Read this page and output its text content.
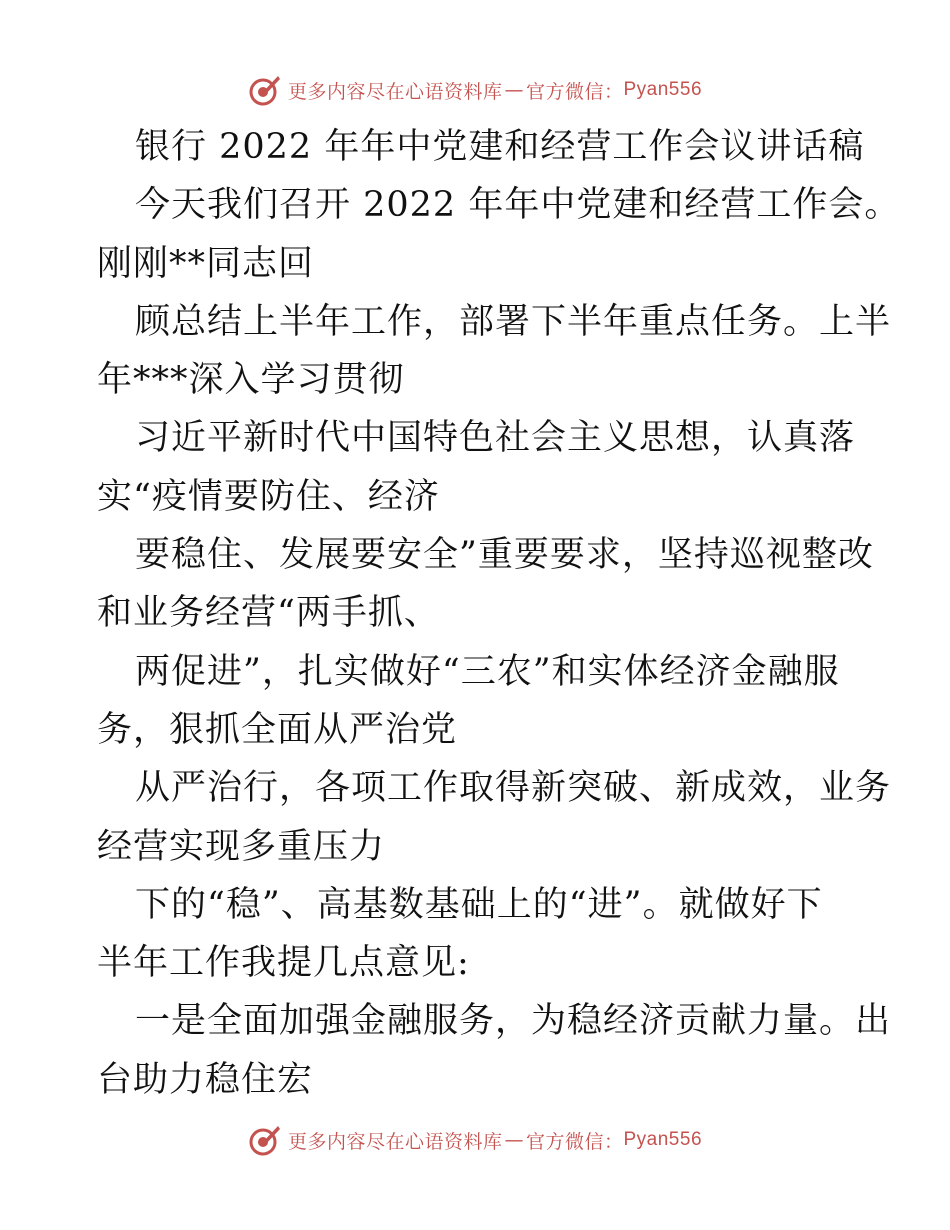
更多内容尽在心语资料库 — 官方微信： Pyan556
银行 2022 年年中党建和经营工作会议讲话稿
今天我们召开 2022 年年中党建和经营工作会。
刚刚**同志回
顾总结上半年工作，部署下半年重点任务。上半
年***深入学习贯彻
习近平新时代中国特色社会主义思想，认真落
实“疫情要防住、经济
要稳住、发展要安全”重要要求，坚持巡视整改
和业务经营“两手抓、
两促进”，扎实做好“三农”和实体经济金融服
务，狠抓全面从严治党
从严治行，各项工作取得新突破、新成效，业务
经营实现多重压力
下的“稳”、高基数基础上的“进”。就做好下
半年工作我提几点意见:
一是全面加强金融服务，为稳经济贡献力量。出
台助力稳住宏
更多内容尽在心语资料库 — 官方微信： Pyan556
